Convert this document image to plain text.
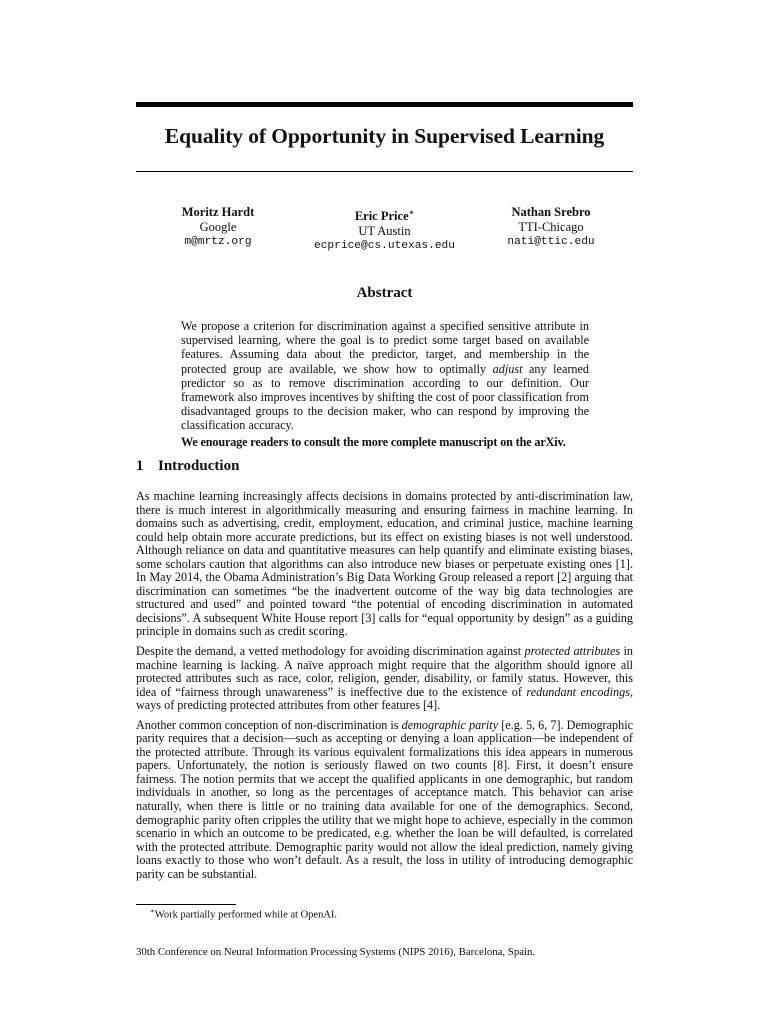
Equality of Opportunity in Supervised Learning
Moritz Hardt
Google
m@mrtz.org
Eric Price∗
UT Austin
ecprice@cs.utexas.edu
Nathan Srebro
TTI-Chicago
nati@ttic.edu
Abstract

We propose a criterion for discrimination against a specified sensitive attribute in supervised learning, where the goal is to predict some target based on available features. Assuming data about the predictor, target, and membership in the protected group are available, we show how to optimally adjust any learned predictor so as to remove discrimination according to our definition. Our framework also improves incentives by shifting the cost of poor classification from disadvantaged groups to the decision maker, who can respond by improving the classification accuracy.

We enourage readers to consult the more complete manuscript on the arXiv.

1 Introduction

As machine learning increasingly affects decisions in domains protected by anti-discrimination law, there is much interest in algorithmically measuring and ensuring fairness in machine learning. In domains such as advertising, credit, employment, education, and criminal justice, machine learning could help obtain more accurate predictions, but its effect on existing biases is not well understood. Although reliance on data and quantitative measures can help quantify and eliminate existing biases, some scholars caution that algorithms can also introduce new biases or perpetuate existing ones [1]. In May 2014, the Obama Administration’s Big Data Working Group released a report [2] arguing that discrimination can sometimes “be the inadvertent outcome of the way big data technologies are structured and used” and pointed toward “the potential of encoding discrimination in automated decisions”. A subsequent White House report [3] calls for “equal opportunity by design” as a guiding principle in domains such as credit scoring.

Despite the demand, a vetted methodology for avoiding discrimination against protected attributes in machine learning is lacking. A naïve approach might require that the algorithm should ignore all protected attributes such as race, color, religion, gender, disability, or family status. However, this idea of “fairness through unawareness” is ineffective due to the existence of redundant encodings, ways of predicting protected attributes from other features [4].

Another common conception of non-discrimination is demographic parity [e.g. 5, 6, 7]. Demographic parity requires that a decision—such as accepting or denying a loan application—be independent of the protected attribute. Through its various equivalent formalizations this idea appears in numerous papers. Unfortunately, the notion is seriously flawed on two counts [8]. First, it doesn’t ensure fairness. The notion permits that we accept the qualified applicants in one demographic, but random individuals in another, so long as the percentages of acceptance match. This behavior can arise naturally, when there is little or no training data available for one of the demographics. Second, demographic parity often cripples the utility that we might hope to achieve, especially in the common scenario in which an outcome to be predicated, e.g. whether the loan be will defaulted, is correlated with the protected attribute. Demographic parity would not allow the ideal prediction, namely giving loans exactly to those who won’t default. As a result, the loss in utility of introducing demographic parity can be substantial.

∗Work partially performed while at OpenAI.
30th Conference on Neural Information Processing Systems (NIPS 2016), Barcelona, Spain.
